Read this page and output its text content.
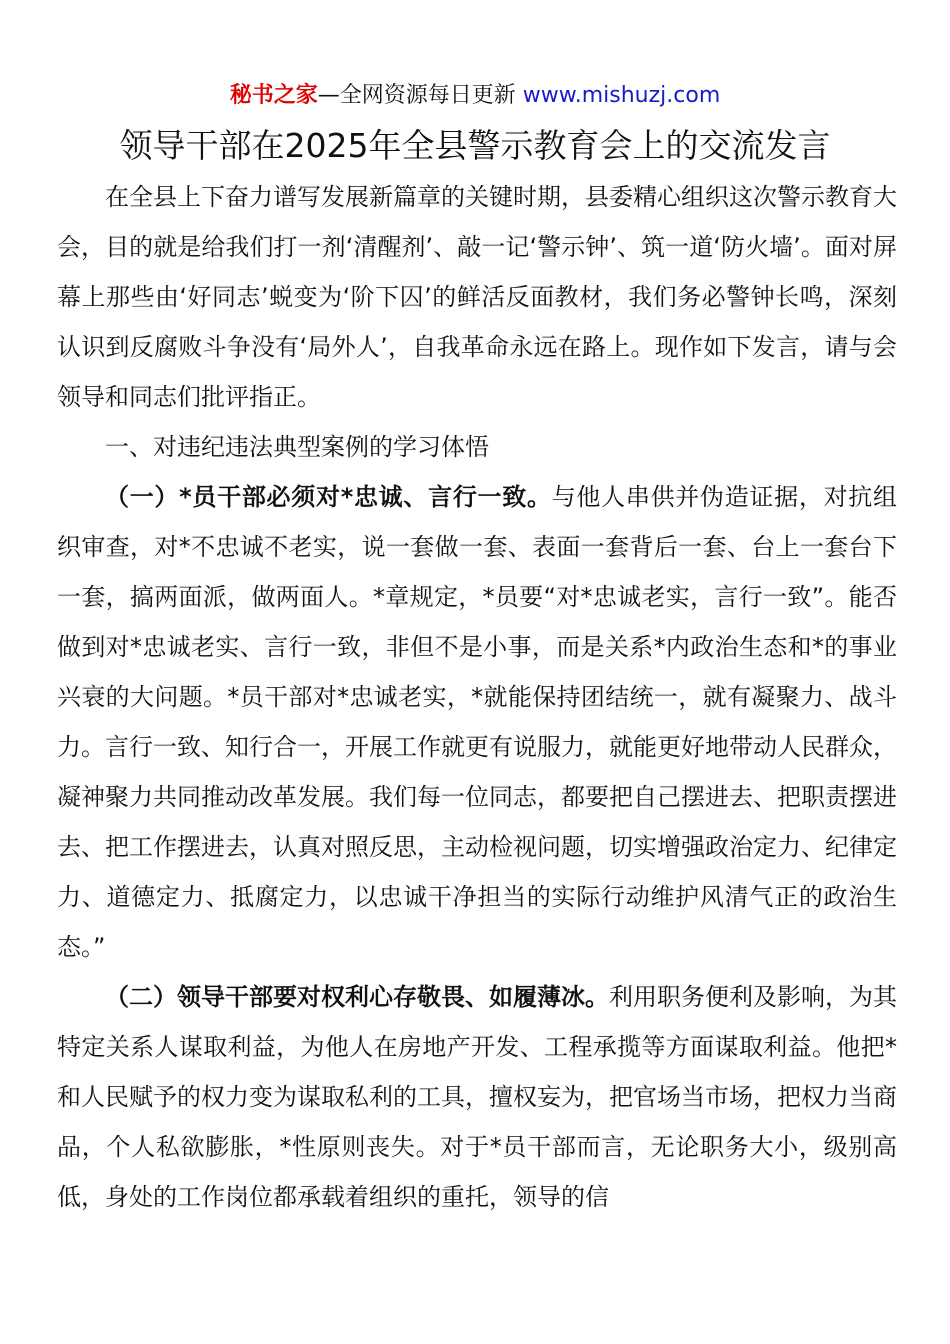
秘书之家—全网资源每日更新 www.mishuzj.com
领导干部在2025年全县警示教育会上的交流发言

在全县上下奋力谱写发展新篇章的关键时期，县委精心组织这次警示教育大会，目的就是给我们打一剂‘清醒剂’、敲一记‘警示钟’、筑一道‘防火墙’。面对屏幕上那些由‘好同志’蜕变为‘阶下囚’的鲜活反面教材，我们务必警钟长鸣，深刻认识到反腐败斗争没有‘局外人’，自我革命永远在路上。现作如下发言，请与会领导和同志们批评指正。

一、对违纪违法典型案例的学习体悟

（一）*员干部必须对*忠诚、言行一致。与他人串供并伪造证据，对抗组织审查，对*不忠诚不老实，说一套做一套、表面一套背后一套、台上一套台下一套，搞两面派，做两面人。*章规定，*员要“对*忠诚老实，言行一致”。能否做到对*忠诚老实、言行一致，非但不是小事，而是关系*内政治生态和*的事业兴衰的大问题。*员干部对*忠诚老实，*就能保持团结统一，就有凝聚力、战斗力。言行一致、知行合一，开展工作就更有说服力，就能更好地带动人民群众，凝神聚力共同推动改革发展。我们每一位同志，都要把自己摆进去、把职责摆进去、把工作摆进去，认真对照反思，主动检视问题，切实增强政治定力、纪律定力、道德定力、抵腐定力，以忠诚干净担当的实际行动维护风清气正的政治生态。”

（二）领导干部要对权利心存敬畏、如履薄冰。利用职务便利及影响，为其特定关系人谋取利益，为他人在房地产开发、工程承揽等方面谋取利益。他把*和人民赋予的权力变为谋取私利的工具，擅权妄为，把官场当市场，把权力当商品，个人私欲膨胀，*性原则丧失。对于*员干部而言，无论职务大小，级别高低，身处的工作岗位都承载着组织的重托，领导的信
